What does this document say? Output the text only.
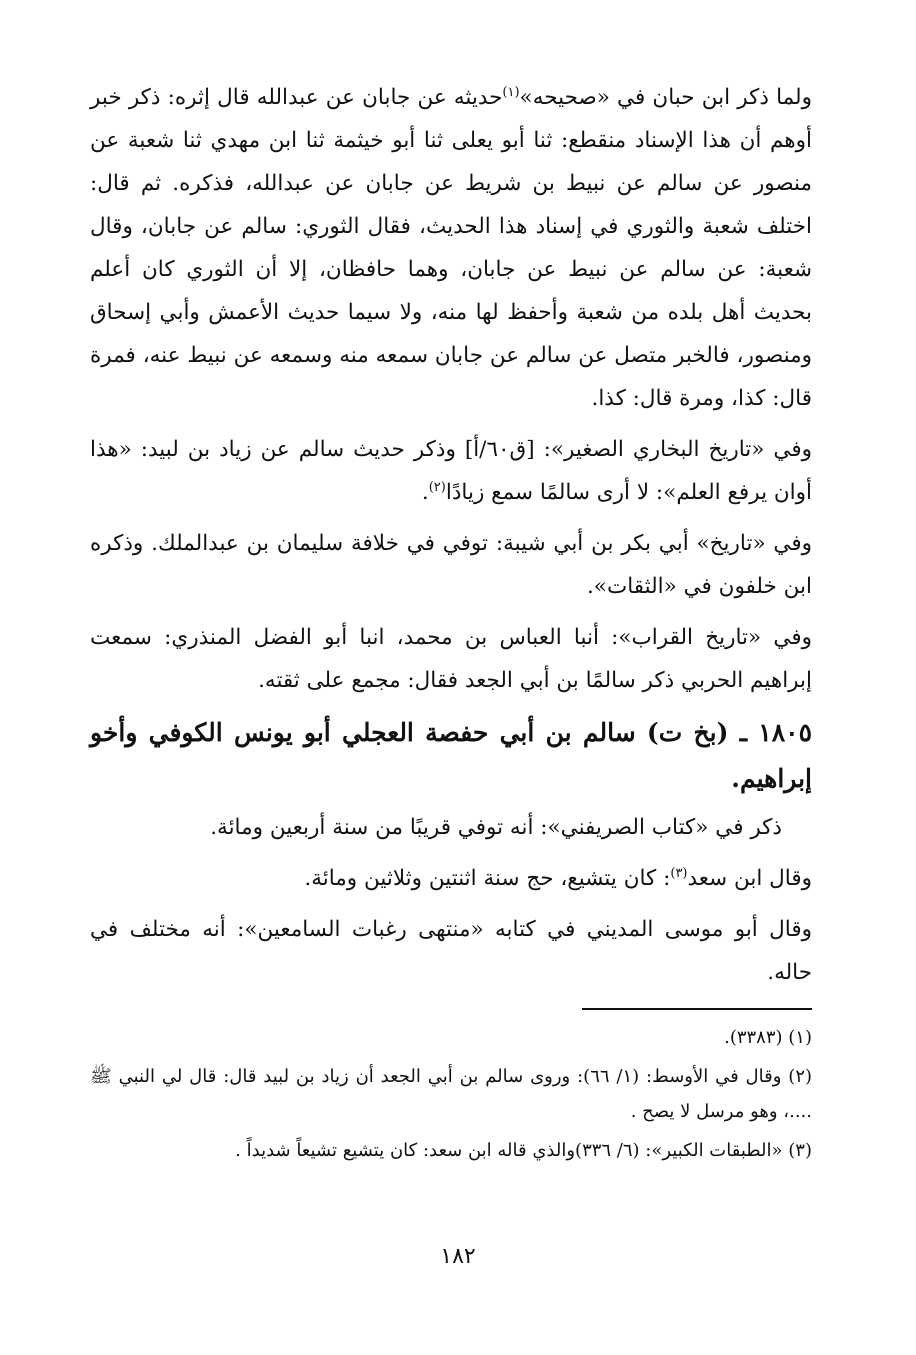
ولما ذكر ابن حبان في «صحيحه»$^{(١)}$حديثه عن جابان عن عبدالله قال إثره: ذكر خبر أوهم أن هذا الإسناد منقطع: ثنا أبو يعلى ثنا أبو خيثمة ثنا ابن مهدي ثنا شعبة عن منصور عن سالم عن نبيط بن شريط عن جابان عن عبدالله، فذكره. ثم قال: اختلف شعبة والثوري في إسناد هذا الحديث، فقال الثوري: سالم عن جابان، وقال شعبة: عن سالم عن نبيط عن جابان، وهما حافظان، إلا أن الثوري كان أعلم بحديث أهل بلده من شعبة وأحفظ لها منه، ولا سيما حديث الأعمش وأبي إسحاق ومنصور، فالخبر متصل عن سالم عن جابان سمعه منه وسمعه عن نبيط عنه، فمرة قال: كذا، ومرة قال: كذا.

وفي «تاريخ البخاري الصغير»: [ق٦٠/أ] وذكر حديث سالم عن زياد بن لبيد: «هذا أوان يرفع العلم»: لا أرى سالمًا سمع زيادًا$^{(٢)}$.

وفي «تاريخ» أبي بكر بن أبي شيبة: توفي في خلافة سليمان بن عبدالملك. وذكره ابن خلفون في «الثقات».

وفي «تاريخ القراب»: أنبا العباس بن محمد، انبا أبو الفضل المنذري: سمعت إبراهيم الحربي ذكر سالمًا بن أبي الجعد فقال: مجمع على ثقته.

١٨٠٥ ـ (بخ ت) سالم بن أبي حفصة العجلي أبو يونس الكوفي وأخو إبراهيم.

ذكر في «كتاب الصريفني»: أنه توفي قريبًا من سنة أربعين ومائة.

وقال ابن سعد$^{(٣)}$: كان يتشيع، حج سنة اثنتين وثلاثين ومائة.

وقال أبو موسى المديني في كتابه «منتهى رغبات السامعين»: أنه مختلف في حاله.

(١) (٣٣٨٣).

(٢) وقال في الأوسط: (١/ ٦٦): وروى سالم بن أبي الجعد أن زياد بن لبيد قال: قال لي النبي ﷺ ....، وهو مرسل لا يصح .

(٣) «الطبقات الكبير»: (٦/ ٣٣٦)والذي قاله ابن سعد: كان يتشيع تشيعاً شديداً .

١٨٢
